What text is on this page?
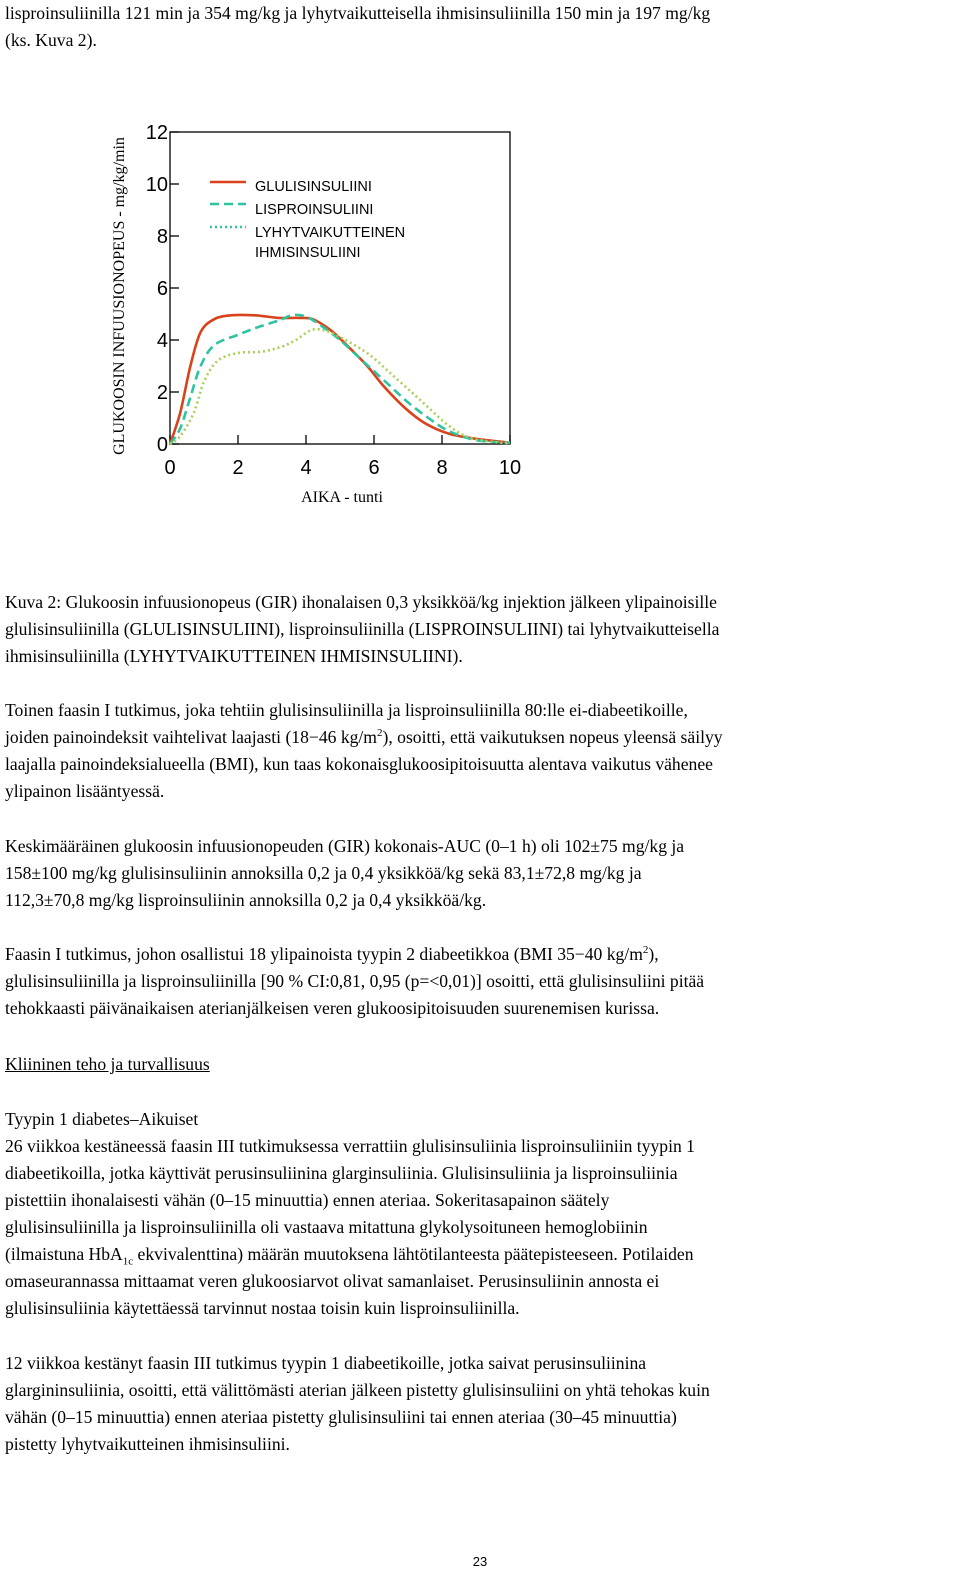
lisproinsuliinilla 121 min ja 354 mg/kg ja lyhytvaikutteisella ihmisinsuliinilla 150 min ja 197 mg/kg
(ks. Kuva 2).

0
2
4
6
8
10
12
0	2	4	6	8	10
GLULISINSULIINI
LISPROINSULIINI
LYHYTVAIKUTTEINEN
IHMISINSULIINI
AIKA - tunti
GLUKOOSIN INFUUSIONOPEUS - mg/kg/min

Kuva 2: Glukoosin infuusionopeus (GIR) ihonalaisen 0,3 yksikköä/kg injektion jälkeen ylipainoisille
glulisinsuliinilla (GLULISINSULIINI), lisproinsuliinilla (LISPROINSULIINI) tai lyhytvaikutteisella
ihmisinsuliinilla (LYHYTVAIKUTTEINEN IHMISINSULIINI).

Toinen faasin I tutkimus, joka tehtiin glulisinsuliinilla ja lisproinsuliinilla 80:lle ei-diabeetikoille,
joiden painoindeksit vaihtelivat laajasti (18−46 $kg/m^2$), osoitti, että vaikutuksen nopeus yleensä säilyy
laajalla painoindeksialueella (BMI), kun taas kokonaisglukoosipitoisuutta alentava vaikutus vähenee
ylipainon lisääntyessä.

Keskimääräinen glukoosin infuusionopeuden (GIR) kokonais-AUC (0–1 h) oli 102±75 mg/kg ja
158±100 mg/kg glulisinsuliinin annoksilla 0,2 ja 0,4 yksikköä/kg sekä 83,1±72,8 mg/kg ja
112,3±70,8 mg/kg lisproinsuliinin annoksilla 0,2 ja 0,4 yksikköä/kg.

Faasin I tutkimus, johon osallistui 18 ylipainoista tyypin 2 diabeetikkoa (BMI 35−40 $kg/m^2$),
glulisinsuliinilla ja lisproinsuliinilla [90 % CI:0,81, 0,95 (p=<0,01)] osoitti, että glulisinsuliini pitää
tehokkaasti päivänaikaisen aterianjälkeisen veren glukoosipitoisuuden suurenemisen kurissa.

Kliininen teho ja turvallisuus

Tyypin 1 diabetes–Aikuiset
26 viikkoa kestäneessä faasin III tutkimuksessa verrattiin glulisinsuliinia lisproinsuliiniin tyypin 1
diabeetikoilla, jotka käyttivät perusinsuliinina glarginsuliinia. Glulisinsuliinia ja lisproinsuliinia
pistettiin ihonalaisesti vähän (0–15 minuuttia) ennen ateriaa. Sokeritasapainon säätely
glulisinsuliinilla ja lisproinsuliinilla oli vastaava mitattuna glykolysoituneen hemoglobiinin
(ilmaistuna HbA$_{1c}$ ekvivalenttina) määrän muutoksena lähtötilanteesta päätepisteeseen. Potilaiden
omaseurannassa mittaamat veren glukoosiarvot olivat samanlaiset. Perusinsuliinin annosta ei
glulisinsuliinia käytettäessä tarvinnut nostaa toisin kuin lisproinsuliinilla.

12 viikkoa kestänyt faasin III tutkimus tyypin 1 diabeetikoille, jotka saivat perusinsuliinina
glargininsuliinia, osoitti, että välittömästi aterian jälkeen pistetty glulisinsuliini on yhtä tehokas kuin
vähän (0–15 minuuttia) ennen ateriaa pistetty glulisinsuliini tai ennen ateriaa (30–45 minuuttia)
pistetty lyhytvaikutteinen ihmisinsuliini.

23
